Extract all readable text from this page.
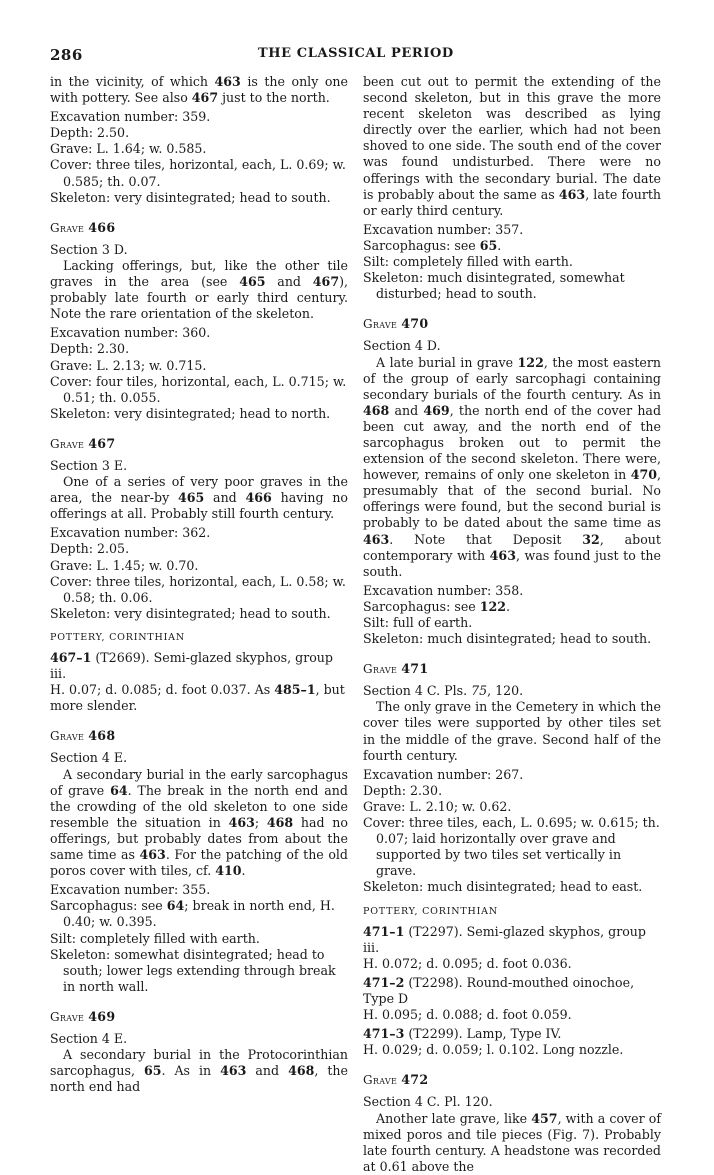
286	THE CLASSICAL PERIOD

in the vicinity, of which 463 is the only one with pottery. See also 467 just to the north.

Excavation number: 359.

Depth: 2.50.

Grave: L. 1.64; w. 0.585.

Cover: three tiles, horizontal, each, L. 0.69; w. 0.585; th. 0.07.

Skeleton: very disintegrated; head to south.

Grave 466

Section 3 D.

Lacking offerings, but, like the other tile graves in the area (see 465 and 467), probably late fourth or early third century. Note the rare orientation of the skeleton.

Excavation number: 360.

Depth: 2.30.

Grave: L. 2.13; w. 0.715.

Cover: four tiles, horizontal, each, L. 0.715; w. 0.51; th. 0.055.

Skeleton: very disintegrated; head to north.

Grave 467

Section 3 E.

One of a series of very poor graves in the area, the near-by 465 and 466 having no offerings at all. Probably still fourth century.

Excavation number: 362.

Depth: 2.05.

Grave: L. 1.45; w. 0.70.

Cover: three tiles, horizontal, each, L. 0.58; w. 0.58; th. 0.06.

Skeleton: very disintegrated; head to south.

POTTERY, CORINTHIAN

467–1 (T2669). Semi-glazed skyphos, group iii.

H. 0.07; d. 0.085; d. foot 0.037. As 485–1, but more slender.

Grave 468

Section 4 E.

A secondary burial in the early sarcophagus of grave 64. The break in the north end and the crowding of the old skeleton to one side resemble the situation in 463; 468 had no offerings, but probably dates from about the same time as 463. For the patching of the old poros cover with tiles, cf. 410.

Excavation number: 355.

Sarcophagus: see 64; break in north end, H. 0.40; w. 0.395.

Silt: completely filled with earth.

Skeleton: somewhat disintegrated; head to south; lower legs extending through break in north wall.

Grave 469

Section 4 E.

A secondary burial in the Protocorinthian sarcophagus, 65. As in 463 and 468, the north end had

been cut out to permit the extending of the second skeleton, but in this grave the more recent skeleton was described as lying directly over the earlier, which had not been shoved to one side. The south end of the cover was found undisturbed. There were no offerings with the secondary burial. The date is probably about the same as 463, late fourth or early third century.

Excavation number: 357.

Sarcophagus: see 65.

Silt: completely filled with earth.

Skeleton: much disintegrated, somewhat disturbed; head to south.

Grave 470

Section 4 D.

A late burial in grave 122, the most eastern of the group of early sarcophagi containing secondary burials of the fourth century. As in 468 and 469, the north end of the cover had been cut away, and the north end of the sarcophagus broken out to permit the extension of the second skeleton. There were, however, remains of only one skeleton in 470, presumably that of the second burial. No offerings were found, but the second burial is probably to be dated about the same time as 463. Note that Deposit 32, about contemporary with 463, was found just to the south.

Excavation number: 358.

Sarcophagus: see 122.

Silt: full of earth.

Skeleton: much disintegrated; head to south.

Grave 471

Section 4 C. Pls. 75, 120.

The only grave in the Cemetery in which the cover tiles were supported by other tiles set in the middle of the grave. Second half of the fourth century.

Excavation number: 267.

Depth: 2.30.

Grave: L. 2.10; w. 0.62.

Cover: three tiles, each, L. 0.695; w. 0.615; th. 0.07; laid horizontally over grave and supported by two tiles set vertically in grave.

Skeleton: much disintegrated; head to east.

POTTERY, CORINTHIAN

471–1 (T2297). Semi-glazed skyphos, group iii.

H. 0.072; d. 0.095; d. foot 0.036.

471–2 (T2298). Round-mouthed oinochoe, Type D

H. 0.095; d. 0.088; d. foot 0.059.

471–3 (T2299). Lamp, Type IV.

H. 0.029; d. 0.059; l. 0.102. Long nozzle.

Grave 472

Section 4 C. Pl. 120.

Another late grave, like 457, with a cover of mixed poros and tile pieces (Fig. 7). Probably late fourth century. A headstone was recorded at 0.61 above the
